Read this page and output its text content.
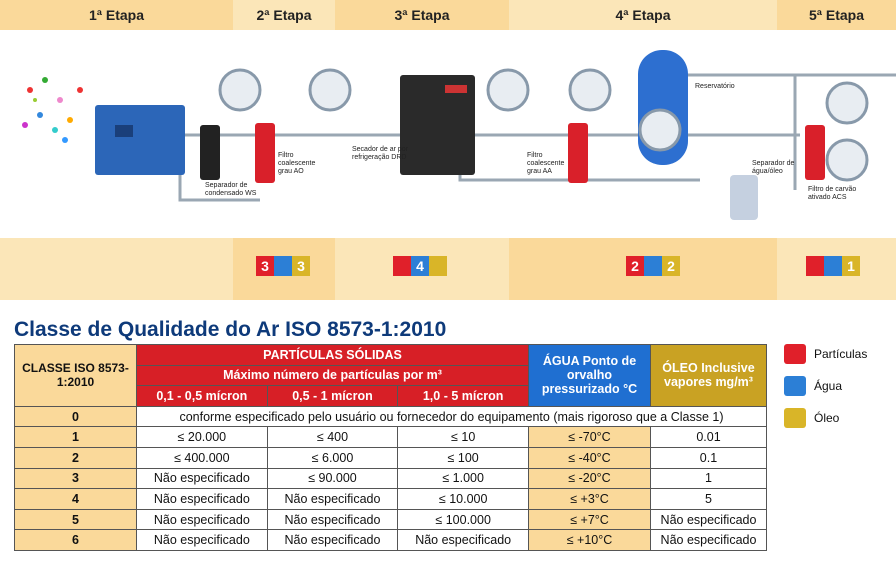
1ª Etapa	2ª Etapa	3ª Etapa	4ª Etapa	5ª Etapa
Separador de condensado WS
Filtro coalescente grau AO
Secador de ar por refrigeração DRD	Filtro coalescente grau AA
Reservatório
Separador de água/óleo
Filtro de carvão ativado ACS
3	3	4	2	2	1
Classe de Qualidade do Ar ISO 8573-1:2010
CLASSE ISO 8573-1:2010	PARTÍCULAS SÓLIDAS			ÁGUA Ponto de orvalho pressurizado °C	ÓLEO Inclusive vapores mg/m³
	Máximo número de partículas por m³				
	0,1 - 0,5 mícron	0,5 - 1 mícron	1,0 - 5 mícron		
0	conforme especificado pelo usuário ou fornecedor do equipamento (mais rigoroso que a Classe 1)				
1	≤ 20.000	≤ 400	≤ 10	≤ -70°C	0.01
2	≤ 400.000	≤ 6.000	≤ 100	≤ -40°C	0.1
3	Não especificado	≤ 90.000	≤ 1.000	≤ -20°C	1
4	Não especificado	Não especificado	≤ 10.000	≤ +3°C	5
5	Não especificado	Não especificado	≤ 100.000	≤ +7°C	Não especificado
6	Não especificado	Não especificado	Não especificado	≤ +10°C	Não especificado
Partículas
Água
Óleo
